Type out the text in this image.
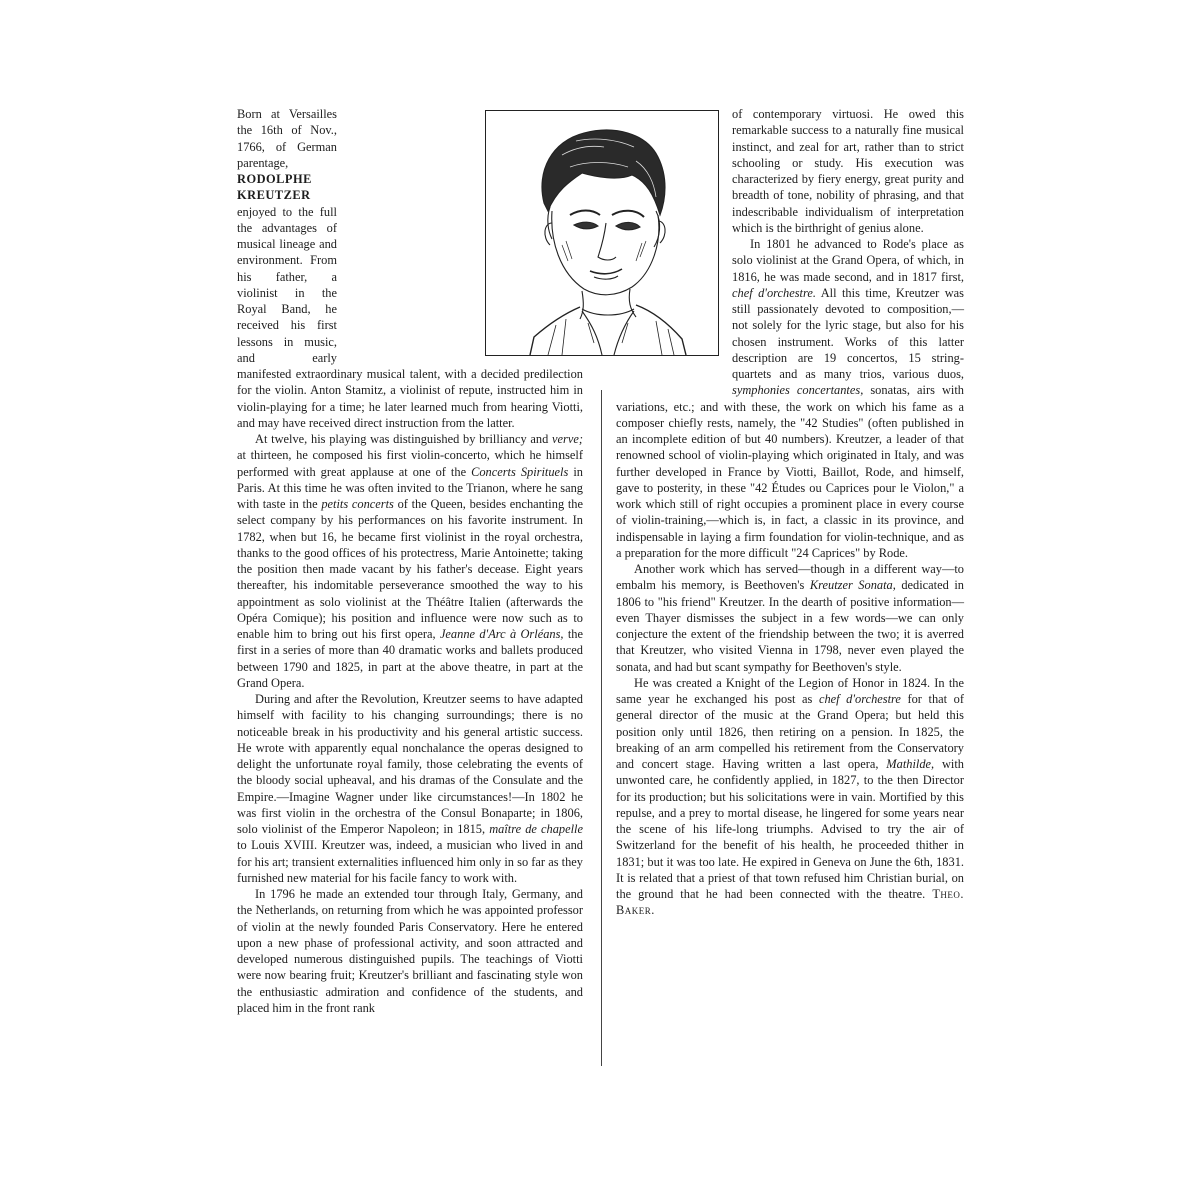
Born at Versailles the 16th of Nov., 1766, of German parentage, RODOLPHE KREUTZER enjoyed to the full the advantages of musical lineage and environment. From his father, a violinist in the Royal Band, he received his first lessons in music, and early manifested extraordinary musical talent, with a decided predilection for the violin. Anton Stamitz, a violinist of repute, instructed him in violin-playing for a time; he later learned much from hearing Viotti, and may have received direct instruction from the latter.

At twelve, his playing was distinguished by brilliancy and verve; at thirteen, he composed his first violin-concerto, which he himself performed with great applause at one of the Concerts Spirituels in Paris. At this time he was often invited to the Trianon, where he sang with taste in the petits concerts of the Queen, besides enchanting the select company by his performances on his favorite instrument. In 1782, when but 16, he became first violinist in the royal orchestra, thanks to the good offices of his protectress, Marie Antoinette; taking the position then made vacant by his father's decease. Eight years thereafter, his indomitable perseverance smoothed the way to his appointment as solo violinist at the Théâtre Italien (afterwards the Opéra Comique); his position and influence were now such as to enable him to bring out his first opera, Jeanne d'Arc à Orléans, the first in a series of more than 40 dramatic works and ballets produced between 1790 and 1825, in part at the above theatre, in part at the Grand Opera.

During and after the Revolution, Kreutzer seems to have adapted himself with facility to his changing surroundings; there is no noticeable break in his productivity and his general artistic success. He wrote with apparently equal nonchalance the operas designed to delight the unfortunate royal family, those celebrating the events of the bloody social upheaval, and his dramas of the Consulate and the Empire.—Imagine Wagner under like circumstances!—In 1802 he was first violin in the orchestra of the Consul Bonaparte; in 1806, solo violinist of the Emperor Napoleon; in 1815, maître de chapelle to Louis XVIII. Kreutzer was, indeed, a musician who lived in and for his art; transient externalities influenced him only in so far as they furnished new material for his facile fancy to work with.

In 1796 he made an extended tour through Italy, Germany, and the Netherlands, on returning from which he was appointed professor of violin at the newly founded Paris Conservatory. Here he entered upon a new phase of professional activity, and soon attracted and developed numerous distinguished pupils. The teachings of Viotti were now bearing fruit; Kreutzer's brilliant and fascinating style won the enthusiastic admiration and confidence of the students, and placed him in the front rank

of contemporary virtuosi. He owed this remarkable success to a naturally fine musical instinct, and zeal for art, rather than to strict schooling or study. His execution was characterized by fiery energy, great purity and breadth of tone, nobility of phrasing, and that indescribable individualism of interpretation which is the birthright of genius alone.

In 1801 he advanced to Rode's place as solo violinist at the Grand Opera, of which, in 1816, he was made second, and in 1817 first, chef d'orchestre. All this time, Kreutzer was still passionately devoted to composition,—not solely for the lyric stage, but also for his chosen instrument. Works of this latter description are 19 concertos, 15 string-quartets and as many trios, various duos, symphonies concertantes, sonatas, airs with variations, etc.; and with these, the work on which his fame as a composer chiefly rests, namely, the "42 Studies" (often published in an incomplete edition of but 40 numbers). Kreutzer, a leader of that renowned school of violin-playing which originated in Italy, and was further developed in France by Viotti, Baillot, Rode, and himself, gave to posterity, in these "42 Études ou Caprices pour le Violon," a work which still of right occupies a prominent place in every course of violin-training,—which is, in fact, a classic in its province, and indispensable in laying a firm foundation for violin-technique, and as a preparation for the more difficult "24 Caprices" by Rode.

Another work which has served—though in a different way—to embalm his memory, is Beethoven's Kreutzer Sonata, dedicated in 1806 to "his friend" Kreutzer. In the dearth of positive information—even Thayer dismisses the subject in a few words—we can only conjecture the extent of the friendship between the two; it is averred that Kreutzer, who visited Vienna in 1798, never even played the sonata, and had but scant sympathy for Beethoven's style.

He was created a Knight of the Legion of Honor in 1824. In the same year he exchanged his post as chef d'orchestre for that of general director of the music at the Grand Opera; but held this position only until 1826, then retiring on a pension. In 1825, the breaking of an arm compelled his retirement from the Conservatory and concert stage. Having written a last opera, Mathilde, with unwonted care, he confidently applied, in 1827, to the then Director for its production; but his solicitations were in vain. Mortified by this repulse, and a prey to mortal disease, he lingered for some years near the scene of his life-long triumphs. Advised to try the air of Switzerland for the benefit of his health, he proceeded thither in 1831; but it was too late. He expired in Geneva on June the 6th, 1831. It is related that a priest of that town refused him Christian burial, on the ground that he had been connected with the theatre. Theo. Baker.
